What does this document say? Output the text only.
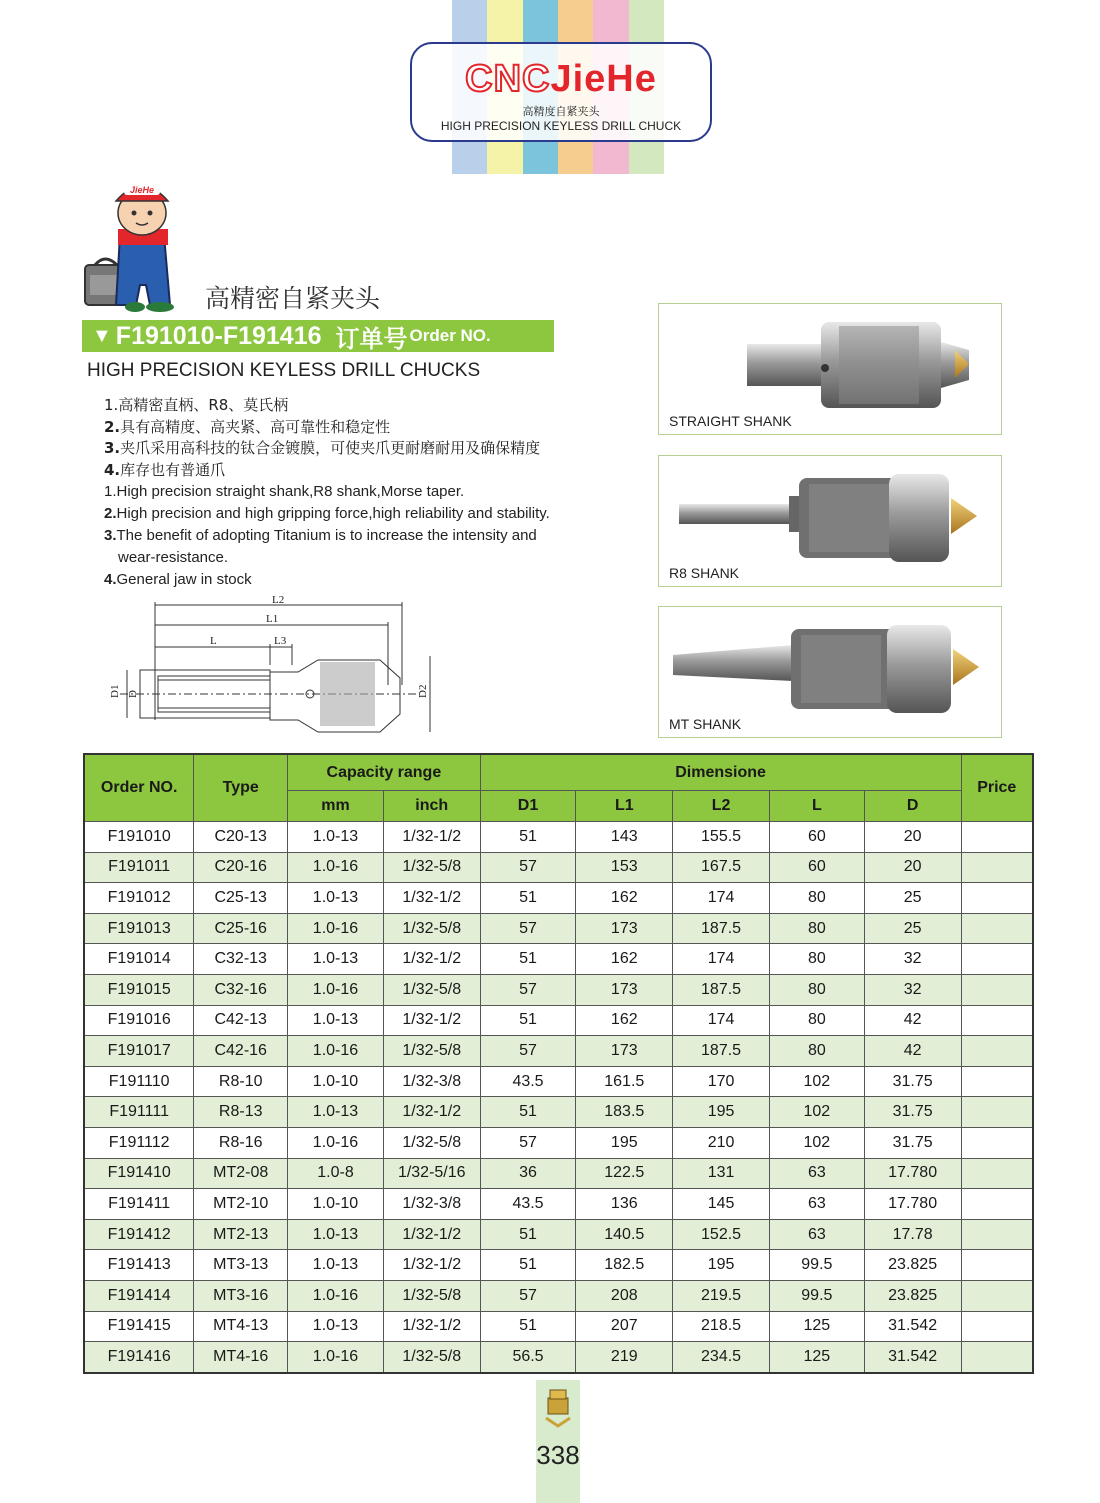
CNCJieHe
高精度自紧夹头
HIGH PRECISION KEYLESS DRILL CHUCK
JieHe
高精密自紧夹头
▼ F191010-F191416 订单号 Order NO.
HIGH PRECISION KEYLESS DRILL CHUCKS
1.高精密直柄、R8、莫氏柄
2.具有高精度、高夹紧、高可靠性和稳定性
3.夹爪采用高科技的钛合金镀膜，可使夹爪更耐磨耐用及确保精度
4.库存也有普通爪
1.High precision straight shank,R8 shank,Morse taper.
2.High precision and high gripping force,high reliability and stability.
3.The benefit of adopting Titanium is to increase the intensity and
wear-resistance.
4.General jaw in stock
STRAIGHT SHANK
R8 SHANK
MT SHANK
L2
L1
L	L3
D1 D	D2
Order NO.	Type	Capacity range		Dimensione					Price
		mm	inch	D1	L1	L2	L	D	
F191010	C20-13	1.0-13	1/32-1/2	51	143	155.5	60	20	
F191011	C20-16	1.0-16	1/32-5/8	57	153	167.5	60	20	
F191012	C25-13	1.0-13	1/32-1/2	51	162	174	80	25	
F191013	C25-16	1.0-16	1/32-5/8	57	173	187.5	80	25	
F191014	C32-13	1.0-13	1/32-1/2	51	162	174	80	32	
F191015	C32-16	1.0-16	1/32-5/8	57	173	187.5	80	32	
F191016	C42-13	1.0-13	1/32-1/2	51	162	174	80	42	
F191017	C42-16	1.0-16	1/32-5/8	57	173	187.5	80	42	
F191110	R8-10	1.0-10	1/32-3/8	43.5	161.5	170	102	31.75	
F191111	R8-13	1.0-13	1/32-1/2	51	183.5	195	102	31.75	
F191112	R8-16	1.0-16	1/32-5/8	57	195	210	102	31.75	
F191410	MT2-08	1.0-8	1/32-5/16	36	122.5	131	63	17.780	
F191411	MT2-10	1.0-10	1/32-3/8	43.5	136	145	63	17.780	
F191412	MT2-13	1.0-13	1/32-1/2	51	140.5	152.5	63	17.78	
F191413	MT3-13	1.0-13	1/32-1/2	51	182.5	195	99.5	23.825	
F191414	MT3-16	1.0-16	1/32-5/8	57	208	219.5	99.5	23.825	
F191415	MT4-13	1.0-13	1/32-1/2	51	207	218.5	125	31.542	
F191416	MT4-16	1.0-16	1/32-5/8	56.5	219	234.5	125	31.542	
338
